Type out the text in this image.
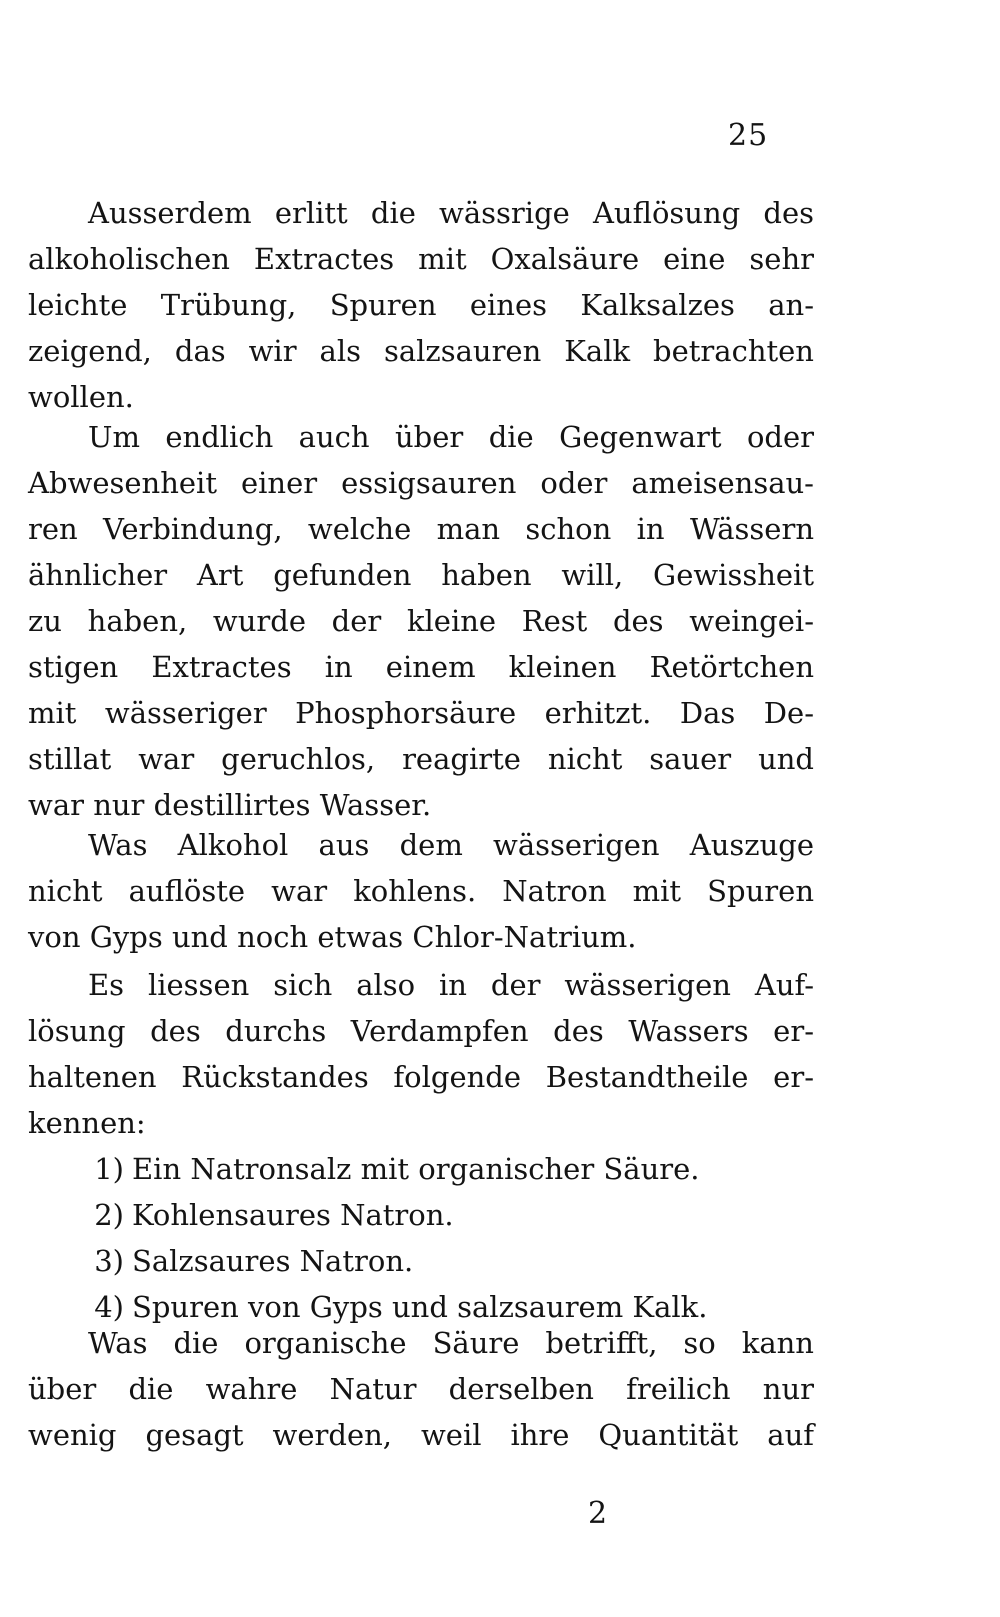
25
Ausserdem erlitt die wässrige Auflösung des
alkoholischen Extractes mit Oxalsäure eine sehr
leichte Trübung, Spuren eines Kalksalzes an-
zeigend, das wir als salzsauren Kalk betrachten
wollen.
Um endlich auch über die Gegenwart oder
Abwesenheit einer essigsauren oder ameisensau-
ren Verbindung, welche man schon in Wässern
ähnlicher Art gefunden haben will, Gewissheit
zu haben, wurde der kleine Rest des weingei-
stigen Extractes in einem kleinen Retörtchen
mit wässeriger Phosphorsäure erhitzt. Das De-
stillat war geruchlos, reagirte nicht sauer und
war nur destillirtes Wasser.
Was Alkohol aus dem wässerigen Auszuge
nicht auflöste war kohlens. Natron mit Spuren
von Gyps und noch etwas Chlor-Natrium.
Es liessen sich also in der wässerigen Auf-
lösung des durchs Verdampfen des Wassers er-
haltenen Rückstandes folgende Bestandtheile er-
kennen:
1) Ein Natronsalz mit organischer Säure.
2) Kohlensaures Natron.
3) Salzsaures Natron.
4) Spuren von Gyps und salzsaurem Kalk.
Was die organische Säure betrifft, so kann
über die wahre Natur derselben freilich nur
wenig gesagt werden, weil ihre Quantität auf
2
